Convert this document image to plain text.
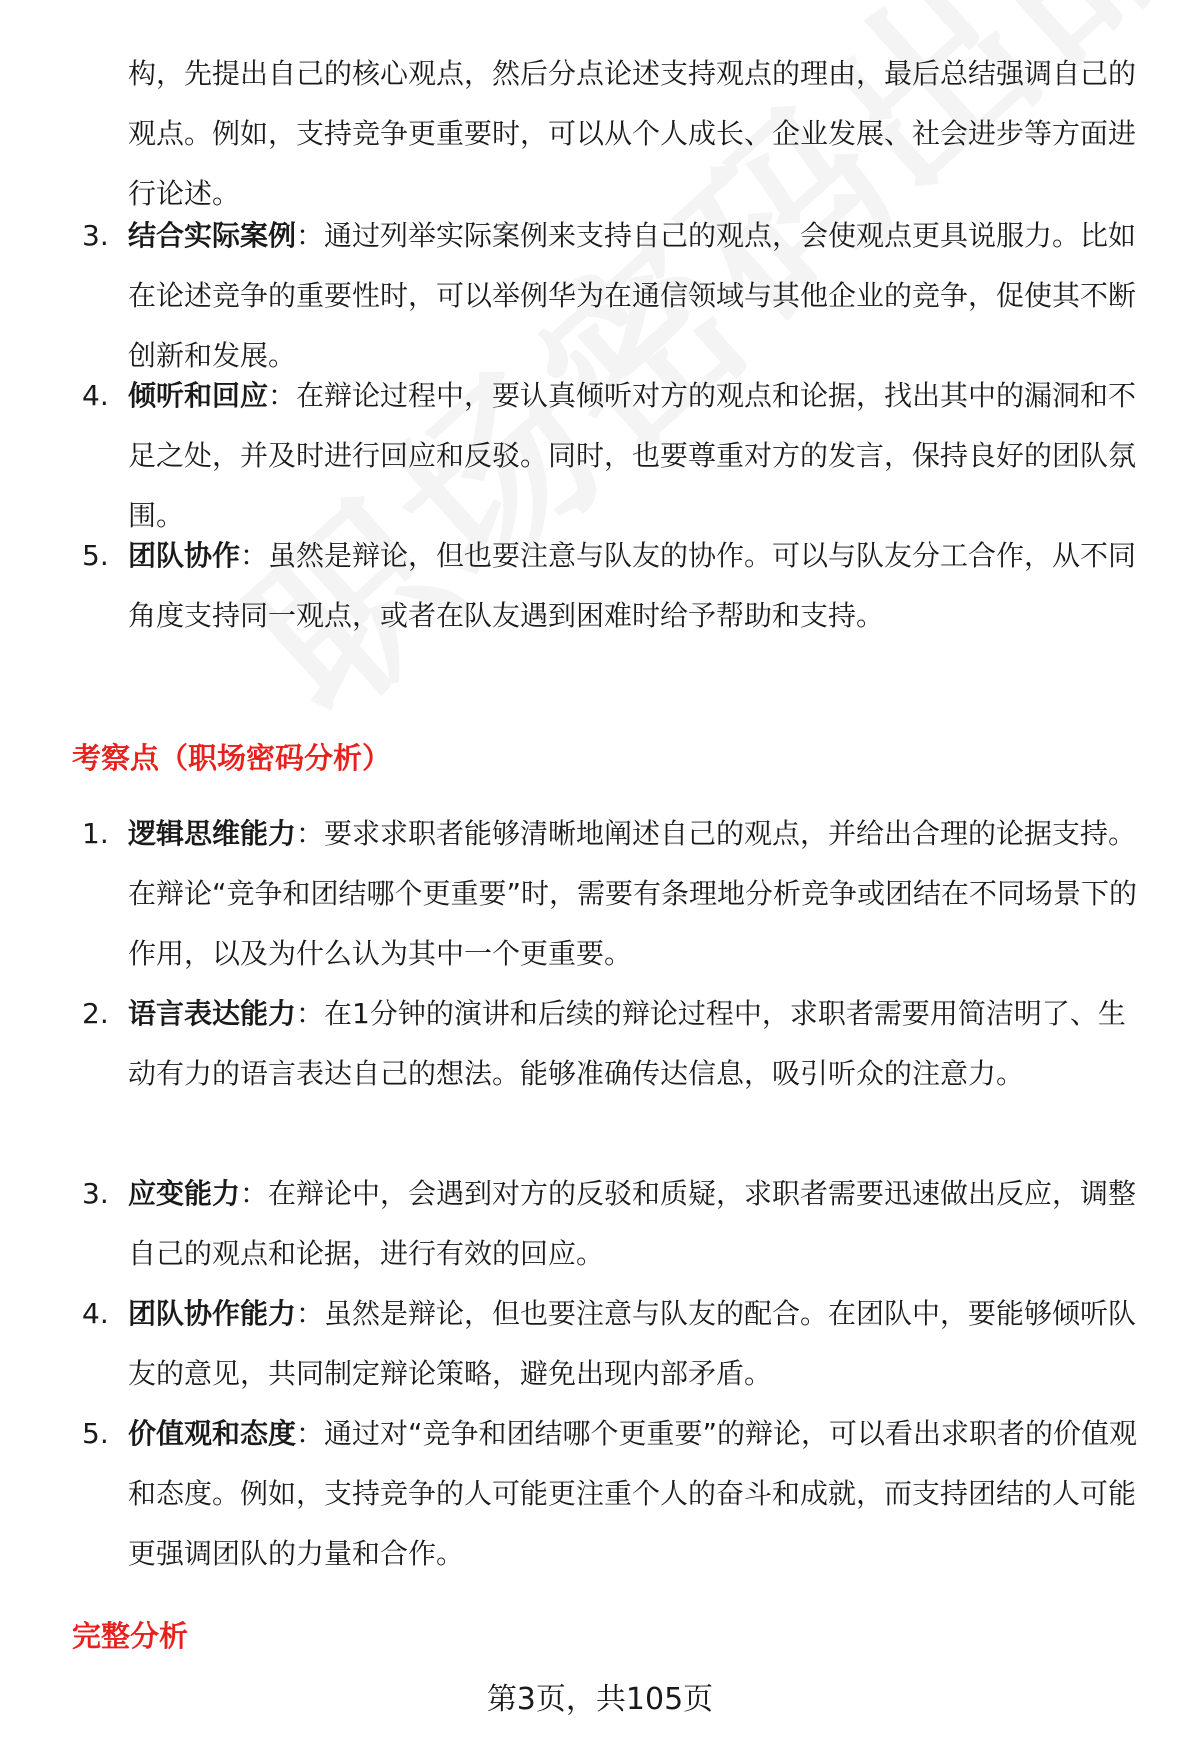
构，先提出自己的核心观点，然后分点论述支持观点的理由，最后总结强调自己的观点。例如，支持竞争更重要时，可以从个人成长、企业发展、社会进步等方面进行论述。

3. 结合实际案例：通过列举实际案例来支持自己的观点，会使观点更具说服力。比如在论述竞争的重要性时，可以举例华为在通信领域与其他企业的竞争，促使其不断创新和发展。
4. 倾听和回应：在辩论过程中，要认真倾听对方的观点和论据，找出其中的漏洞和不足之处，并及时进行回应和反驳。同时，也要尊重对方的发言，保持良好的团队氛围。
5. 团队协作：虽然是辩论，但也要注意与队友的协作。可以与队友分工合作，从不同角度支持同一观点，或者在队友遇到困难时给予帮助和支持。
考察点（职场密码分析）
1. 逻辑思维能力：要求求职者能够清晰地阐述自己的观点，并给出合理的论据支持。在辩论“竞争和团结哪个更重要”时，需要有条理地分析竞争或团结在不同场景下的作用，以及为什么认为其中一个更重要。
2. 语言表达能力：在1分钟的演讲和后续的辩论过程中，求职者需要用简洁明了、生动有力的语言表达自己的想法。能够准确传达信息，吸引听众的注意力。
3. 应变能力：在辩论中，会遇到对方的反驳和质疑，求职者需要迅速做出反应，调整自己的观点和论据，进行有效的回应。
4. 团队协作能力：虽然是辩论，但也要注意与队友的配合。在团队中，要能够倾听队友的意见，共同制定辩论策略，避免出现内部矛盾。
5. 价值观和态度：通过对“竞争和团结哪个更重要”的辩论，可以看出求职者的价值观和态度。例如，支持竞争的人可能更注重个人的奋斗和成就，而支持团结的人可能更强调团队的力量和合作。
完整分析
第3页，共105页
